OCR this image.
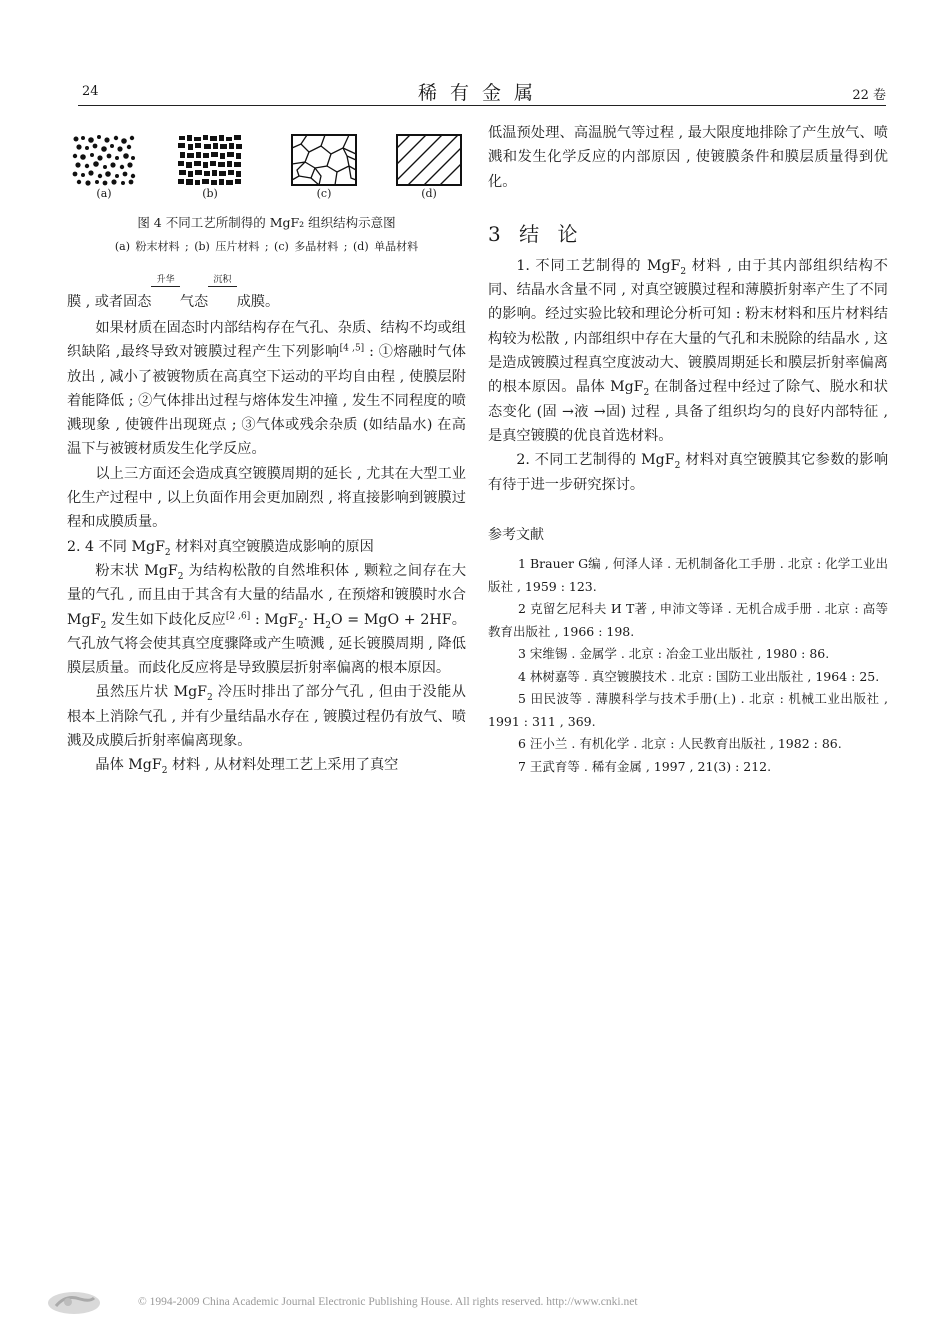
24	稀有金属	22 卷
(a)	(b)	(c)	(d)
图 4 不同工艺所制得的 MgF₂ 组织结构示意图
(a) 粉末材料 ; (b) 压片材料 ; (c) 多晶材料 ; (d) 单晶材料

膜 , 或者固态
升华
  气态
沉积
  成膜。

如果材质在固态时内部结构存在气孔、杂质、结构不均或组织缺陷 ,最终导致对镀膜过程产生下列影响[4 ,5] : ①熔融时气体放出 , 减小了被镀物质在高真空下运动的平均自由程 , 使膜层附着能降低 ; ②气体排出过程与熔体发生冲撞 , 发生不同程度的喷溅现象 , 使镀件出现斑点 ; ③气体或残余杂质 (如结晶水) 在高温下与被镀材质发生化学反应。

以上三方面还会造成真空镀膜周期的延长 , 尤其在大型工业化生产过程中 , 以上负面作用会更加剧烈 , 将直接影响到镀膜过程和成膜质量。

2. 4 不同 MgF$_2$ 材料对真空镀膜造成影响的原因

粉末状 MgF$_2$ 为结构松散的自然堆积体 , 颗粒之间存在大量的气孔 , 而且由于其含有大量的结晶水 , 在预熔和镀膜时水合 MgF$_2$ 发生如下歧化反应[2 ,6] : $MgF_2\cdot H_2O$ = MgO + 2HF。气孔放气将会使其真空度骤降或产生喷溅 , 延长镀膜周期 , 降低膜层质量。而歧化反应将是导致膜层折射率偏离的根本原因。

虽然压片状 MgF$_2$ 冷压时排出了部分气孔 , 但由于没能从根本上消除气孔 , 并有少量结晶水存在 , 镀膜过程仍有放气、喷溅及成膜后折射率偏离现象。

晶体 MgF$_2$ 材料 , 从材料处理工艺上采用了真空

低温预处理、高温脱气等过程 , 最大限度地排除了产生放气、喷溅和发生化学反应的内部原因 , 使镀膜条件和膜层质量得到优化。

3 结 论

1. 不同工艺制得的 MgF$_2$ 材料 , 由于其内部组织结构不同、结晶水含量不同 , 对真空镀膜过程和薄膜折射率产生了不同的影响。经过实验比较和理论分析可知 : 粉末材料和压片材料结构较为松散 , 内部组织中存在大量的气孔和未脱除的结晶水 , 这是造成镀膜过程真空度波动大、镀膜周期延长和膜层折射率偏离的根本原因。晶体 MgF$_2$ 在制备过程中经过了除气、脱水和状态变化 (固 →液 →固) 过程 , 具备了组织均匀的良好内部特征 , 是真空镀膜的优良首选材料。

2. 不同工艺制得的 MgF$_2$ 材料对真空镀膜其它参数的影响有待于进一步研究探讨。

参考文献

1 Brauer G编 , 何泽人译 . 无机制备化工手册 . 北京 : 化学工业出版社 , 1959 : 123.

2 克留乞尼科夫 И Т著 , 申沛文等译 . 无机合成手册 . 北京 : 高等教育出版社 , 1966 : 198.

3 宋维锡 . 金属学 . 北京 : 冶金工业出版社 , 1980 : 86.

4 林树嘉等 . 真空镀膜技术 . 北京 : 国防工业出版社 , 1964 : 25.

5 田民波等 . 薄膜科学与技术手册(上) . 北京 : 机械工业出版社 , 1991 : 311 , 369.

6 汪小兰 . 有机化学 . 北京 : 人民教育出版社 , 1982 : 86.

7 王武育等 . 稀有金属 , 1997 , 21(3) : 212.

© 1994-2009 China Academic Journal Electronic Publishing House. All rights reserved. http://www.cnki.net
